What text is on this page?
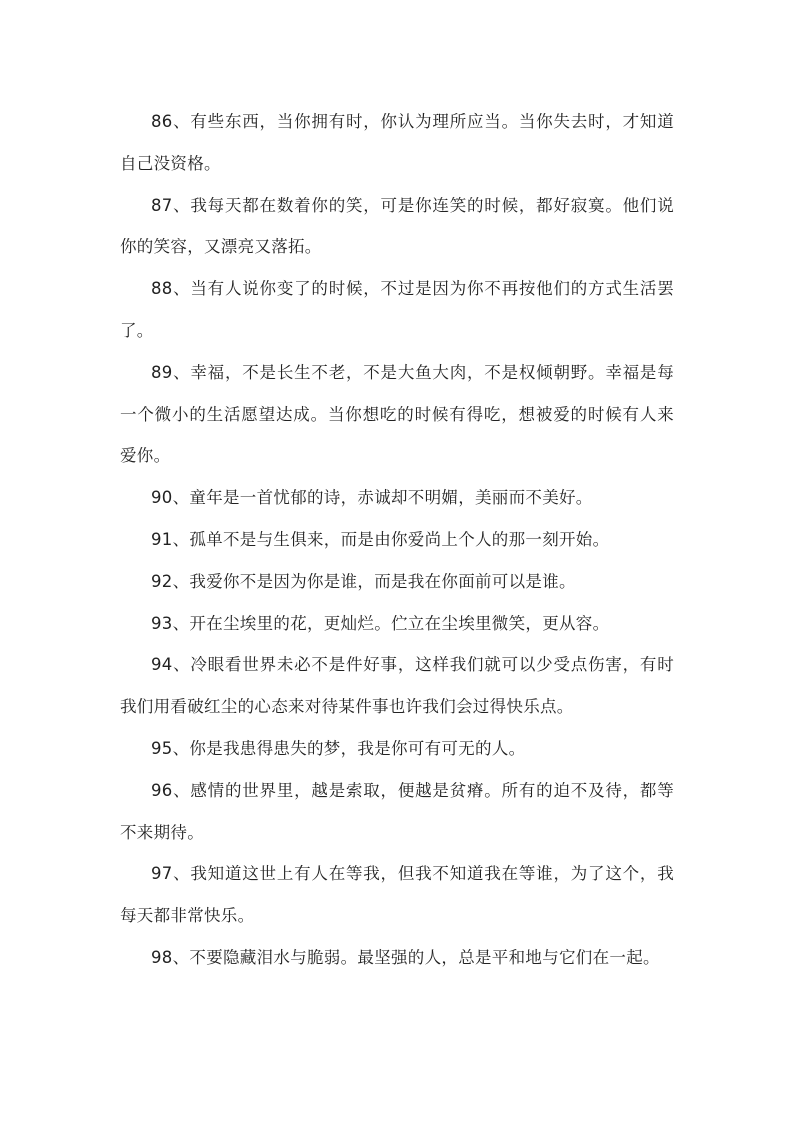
86、有些东西，当你拥有时，你认为理所应当。当你失去时，才知道自己没资格。

87、我每天都在数着你的笑，可是你连笑的时候，都好寂寞。他们说你的笑容，又漂亮又落拓。

88、当有人说你变了的时候，不过是因为你不再按他们的方式生活罢了。

89、幸福，不是长生不老，不是大鱼大肉，不是权倾朝野。幸福是每一个微小的生活愿望达成。当你想吃的时候有得吃，想被爱的时候有人来爱你。

90、童年是一首忧郁的诗，赤诚却不明媚，美丽而不美好。

91、孤单不是与生俱来，而是由你爱尚上个人的那一刻开始。

92、我爱你不是因为你是谁，而是我在你面前可以是谁。

93、开在尘埃里的花，更灿烂。伫立在尘埃里微笑，更从容。

94、冷眼看世界未必不是件好事，这样我们就可以少受点伤害，有时我们用看破红尘的心态来对待某件事也许我们会过得快乐点。

95、你是我患得患失的梦，我是你可有可无的人。

96、感情的世界里，越是索取，便越是贫瘠。所有的迫不及待，都等不来期待。

97、我知道这世上有人在等我，但我不知道我在等谁，为了这个，我每天都非常快乐。

98、不要隐藏泪水与脆弱。最坚强的人，总是平和地与它们在一起。
